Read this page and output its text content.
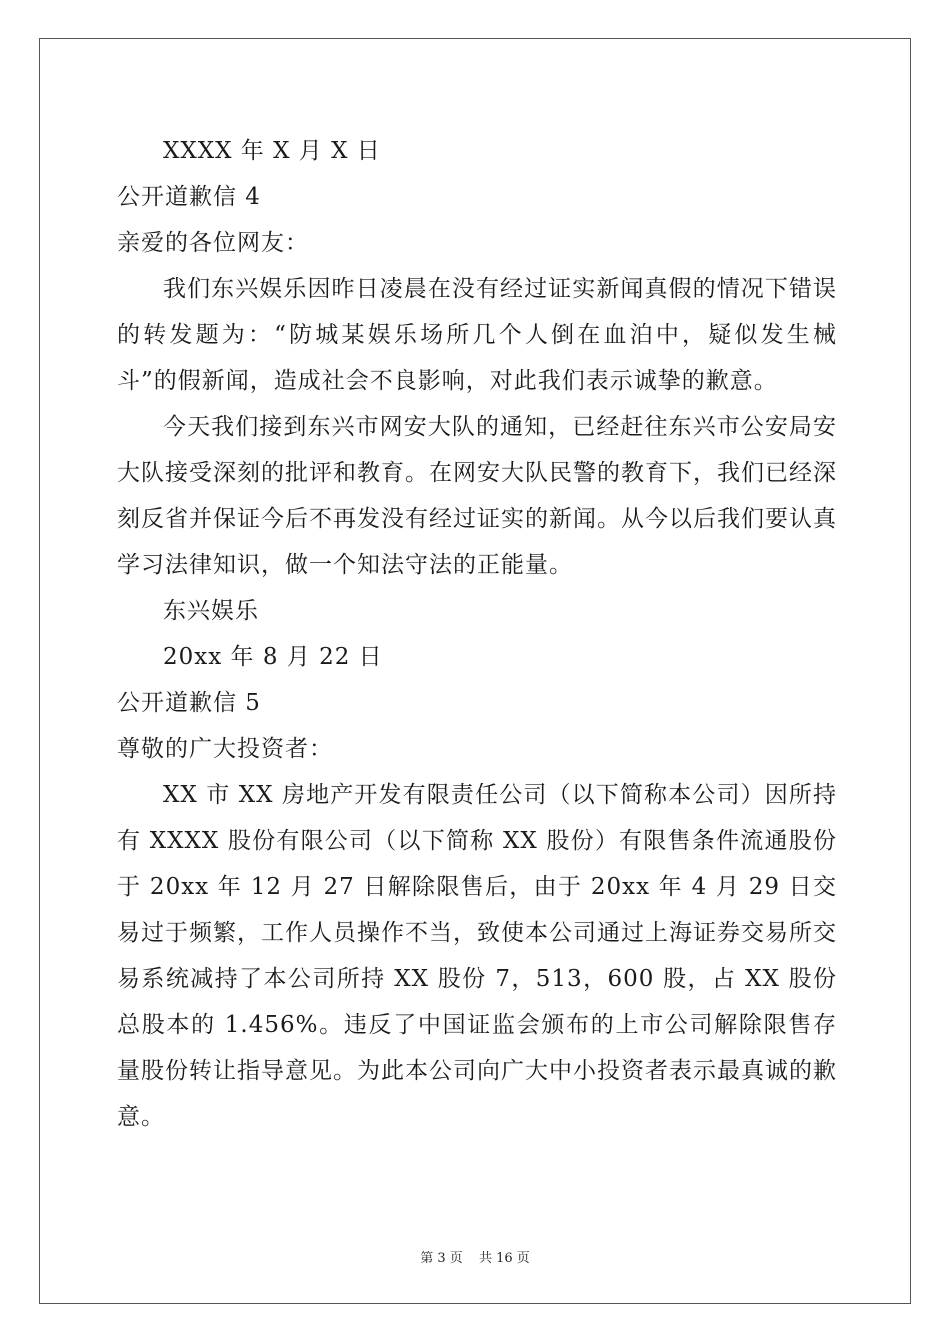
XXXX 年 X 月 X 日
公开道歉信 4
亲爱的各位网友：

我们东兴娱乐因昨日凌晨在没有经过证实新闻真假的情况下错误的转发题为：“防城某娱乐场所几个人倒在血泊中，疑似发生械斗”的假新闻，造成社会不良影响，对此我们表示诚挚的歉意。

今天我们接到东兴市网安大队的通知，已经赶往东兴市公安局安大队接受深刻的批评和教育。在网安大队民警的教育下，我们已经深刻反省并保证今后不再发没有经过证实的新闻。从今以后我们要认真学习法律知识，做一个知法守法的正能量。

东兴娱乐
20xx 年 8 月 22 日
公开道歉信 5
尊敬的广大投资者：

XX 市 XX 房地产开发有限责任公司（以下简称本公司）因所持有 XXXX 股份有限公司（以下简称 XX 股份）有限售条件流通股份于 20xx 年 12 月 27 日解除限售后，由于 20xx 年 4 月 29 日交易过于频繁，工作人员操作不当，致使本公司通过上海证券交易所交易系统减持了本公司所持 XX 股份 7，513，600 股，占 XX 股份总股本的 1.456%。违反了中国证监会颁布的上市公司解除限售存量股份转让指导意见。为此本公司向广大中小投资者表示最真诚的歉意。

第 3 页 共 16 页
